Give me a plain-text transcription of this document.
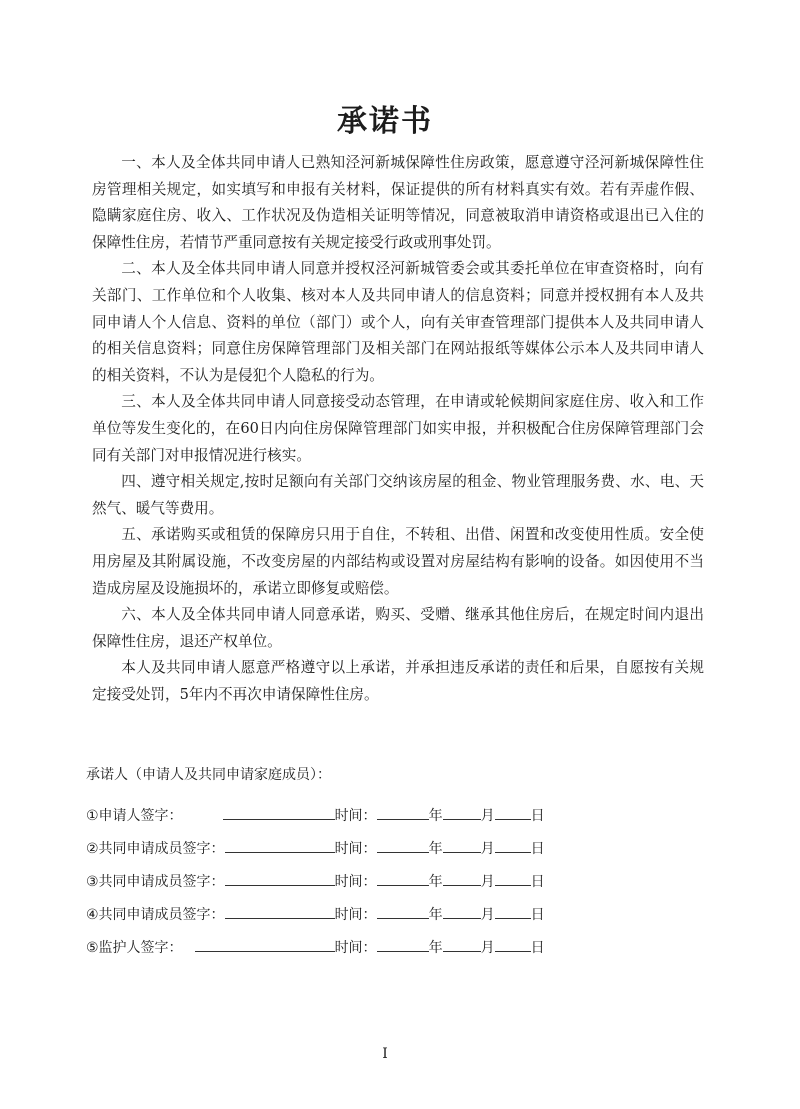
承诺书

一、本人及全体共同申请人已熟知泾河新城保障性住房政策，愿意遵守泾河新城保障性住房管理相关规定，如实填写和申报有关材料，保证提供的所有材料真实有效。若有弄虚作假、隐瞒家庭住房、收入、工作状况及伪造相关证明等情况，同意被取消申请资格或退出已入住的保障性住房，若情节严重同意按有关规定接受行政或刑事处罚。

二、本人及全体共同申请人同意并授权泾河新城管委会或其委托单位在审查资格时，向有关部门、工作单位和个人收集、核对本人及共同申请人的信息资料；同意并授权拥有本人及共同申请人个人信息、资料的单位（部门）或个人，向有关审查管理部门提供本人及共同申请人的相关信息资料；同意住房保障管理部门及相关部门在网站报纸等媒体公示本人及共同申请人的相关资料，不认为是侵犯个人隐私的行为。

三、本人及全体共同申请人同意接受动态管理，在申请或轮候期间家庭住房、收入和工作单位等发生变化的，在60日内向住房保障管理部门如实申报，并积极配合住房保障管理部门会同有关部门对申报情况进行核实。

四、遵守相关规定,按时足额向有关部门交纳该房屋的租金、物业管理服务费、水、电、天然气、暖气等费用。

五、承诺购买或租赁的保障房只用于自住，不转租、出借、闲置和改变使用性质。安全使用房屋及其附属设施，不改变房屋的内部结构或设置对房屋结构有影响的设备。如因使用不当造成房屋及设施损坏的，承诺立即修复或赔偿。

六、本人及全体共同申请人同意承诺，购买、受赠、继承其他住房后，在规定时间内退出保障性住房，退还产权单位。

本人及共同申请人愿意严格遵守以上承诺，并承担违反承诺的责任和后果，自愿按有关规定接受处罚，5年内不再次申请保障性住房。

承诺人（申请人及共同申请家庭成员）：
①申请人签字：	时间：	年	月	日
②共同申请成员签字：	时间：	年	月	日
③共同申请成员签字：	时间：	年	月	日
④共同申请成员签字：	时间：	年	月	日
⑤监护人签字：	时间：	年	月	日
I
